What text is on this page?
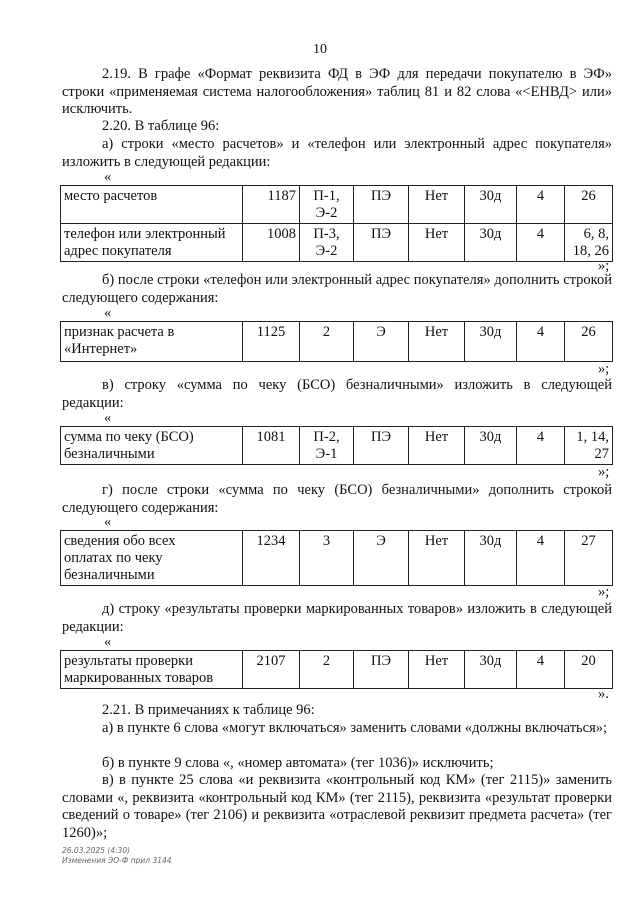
10
2.19. В графе «Формат реквизита ФД в ЭФ для передачи покупателю в ЭФ» строки «применяемая система налогообложения» таблиц 81 и 82 слова «<ЕНВД> или» исключить.
2.20. В таблице 96:
а) строки «место расчетов» и «телефон или электронный адрес покупателя» изложить в следующей редакции:
«
место расчетов	1187	П-1, Э-2	ПЭ	Нет	30д	4	26
телефон или электронный адрес покупателя	1008	П-3, Э-2	ПЭ	Нет	30д	4	6, 8, 18, 26
»;
б) после строки «телефон или электронный адрес покупателя» дополнить строкой следующего содержания:
«
признак расчета в «Интернет»	1125	2	Э	Нет	30д	4	26
»;
в) строку «сумма по чеку (БСО) безналичными» изложить в следующей редакции:
«
сумма по чеку (БСО) безналичными	1081	П-2, Э-1	ПЭ	Нет	30д	4	1, 14, 27
»;
г) после строки «сумма по чеку (БСО) безналичными» дополнить строкой следующего содержания:
«
сведения обо всех оплатах по чеку безналичными	1234	3	Э	Нет	30д	4	27
»;
д) строку «результаты проверки маркированных товаров» изложить в следующей редакции:
«
результаты проверки маркированных товаров	2107	2	ПЭ	Нет	30д	4	20
».
2.21. В примечаниях к таблице 96:
а) в пункте 6 слова «могут включаться» заменить словами «должны включаться»;
б) в пункте 9 слова «, «номер автомата» (тег 1036)» исключить;
в) в пункте 25 слова «и реквизита «контрольный код КМ» (тег 2115)» заменить словами «, реквизита «контрольный код КМ» (тег 2115), реквизита «результат проверки сведений о товаре» (тег 2106) и реквизита «отраслевой реквизит предмета расчета» (тег 1260)»;
26.03.2025 (4:30)
Изменения ЭО-Ф прил 3144
